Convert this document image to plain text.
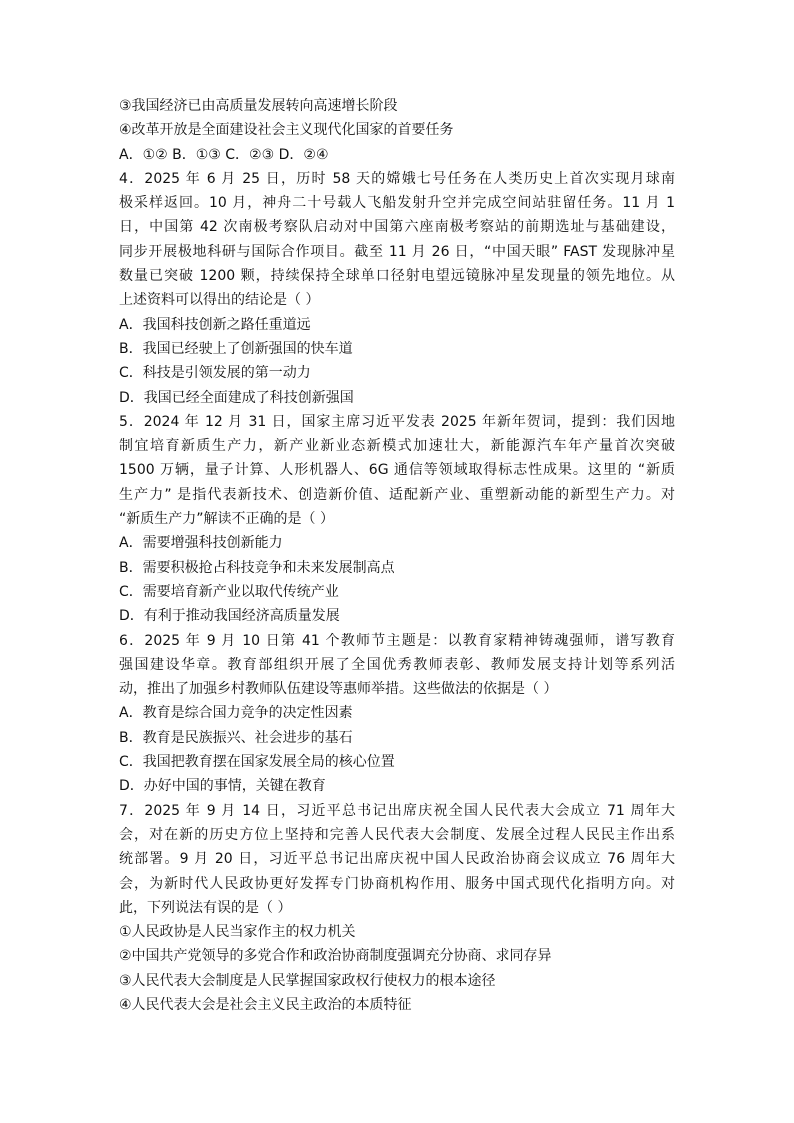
③我国经济已由高质量发展转向高速增长阶段
④改革开放是全面建设社会主义现代化国家的首要任务
A．①② B．①③ C．②③ D．②④
4．2025 年 6 月 25 日，历时 58 天的嫦娥七号任务在人类历史上首次实现月球南
极采样返回。10 月，神舟二十号载人飞船发射升空并完成空间站驻留任务。11 月 1
日，中国第 42 次南极考察队启动对中国第六座南极考察站的前期选址与基础建设，
同步开展极地科研与国际合作项目。截至 11 月 26 日，“中国天眼” FAST 发现脉冲星
数量已突破 1200 颗，持续保持全球单口径射电望远镜脉冲星发现量的领先地位。从
上述资料可以得出的结论是（ ）
A．我国科技创新之路任重道远
B．我国已经驶上了创新强国的快车道
C．科技是引领发展的第一动力
D．我国已经全面建成了科技创新强国
5．2024 年 12 月 31 日，国家主席习近平发表 2025 年新年贺词，提到：我们因地
制宜培育新质生产力，新产业新业态新模式加速壮大，新能源汽车年产量首次突破
1500 万辆，量子计算、人形机器人、6G 通信等领域取得标志性成果。这里的 “新质
生产力” 是指代表新技术、创造新价值、适配新产业、重塑新动能的新型生产力。对
“新质生产力”解读不正确的是（ ）
A．需要增强科技创新能力
B．需要积极抢占科技竞争和未来发展制高点
C．需要培育新产业以取代传统产业
D．有利于推动我国经济高质量发展
6．2025 年 9 月 10 日第 41 个教师节主题是：以教育家精神铸魂强师，谱写教育
强国建设华章。教育部组织开展了全国优秀教师表彰、教师发展支持计划等系列活
动，推出了加强乡村教师队伍建设等惠师举措。这些做法的依据是（ ）
A．教育是综合国力竞争的决定性因素
B．教育是民族振兴、社会进步的基石
C．我国把教育摆在国家发展全局的核心位置
D．办好中国的事情，关键在教育
7．2025 年 9 月 14 日，习近平总书记出席庆祝全国人民代表大会成立 71 周年大
会，对在新的历史方位上坚持和完善人民代表大会制度、发展全过程人民民主作出系
统部署。9 月 20 日，习近平总书记出席庆祝中国人民政治协商会议成立 76 周年大
会，为新时代人民政协更好发挥专门协商机构作用、服务中国式现代化指明方向。对
此，下列说法有误的是（ ）
①人民政协是人民当家作主的权力机关
②中国共产党领导的多党合作和政治协商制度强调充分协商、求同存异
③人民代表大会制度是人民掌握国家政权行使权力的根本途径
④人民代表大会是社会主义民主政治的本质特征
